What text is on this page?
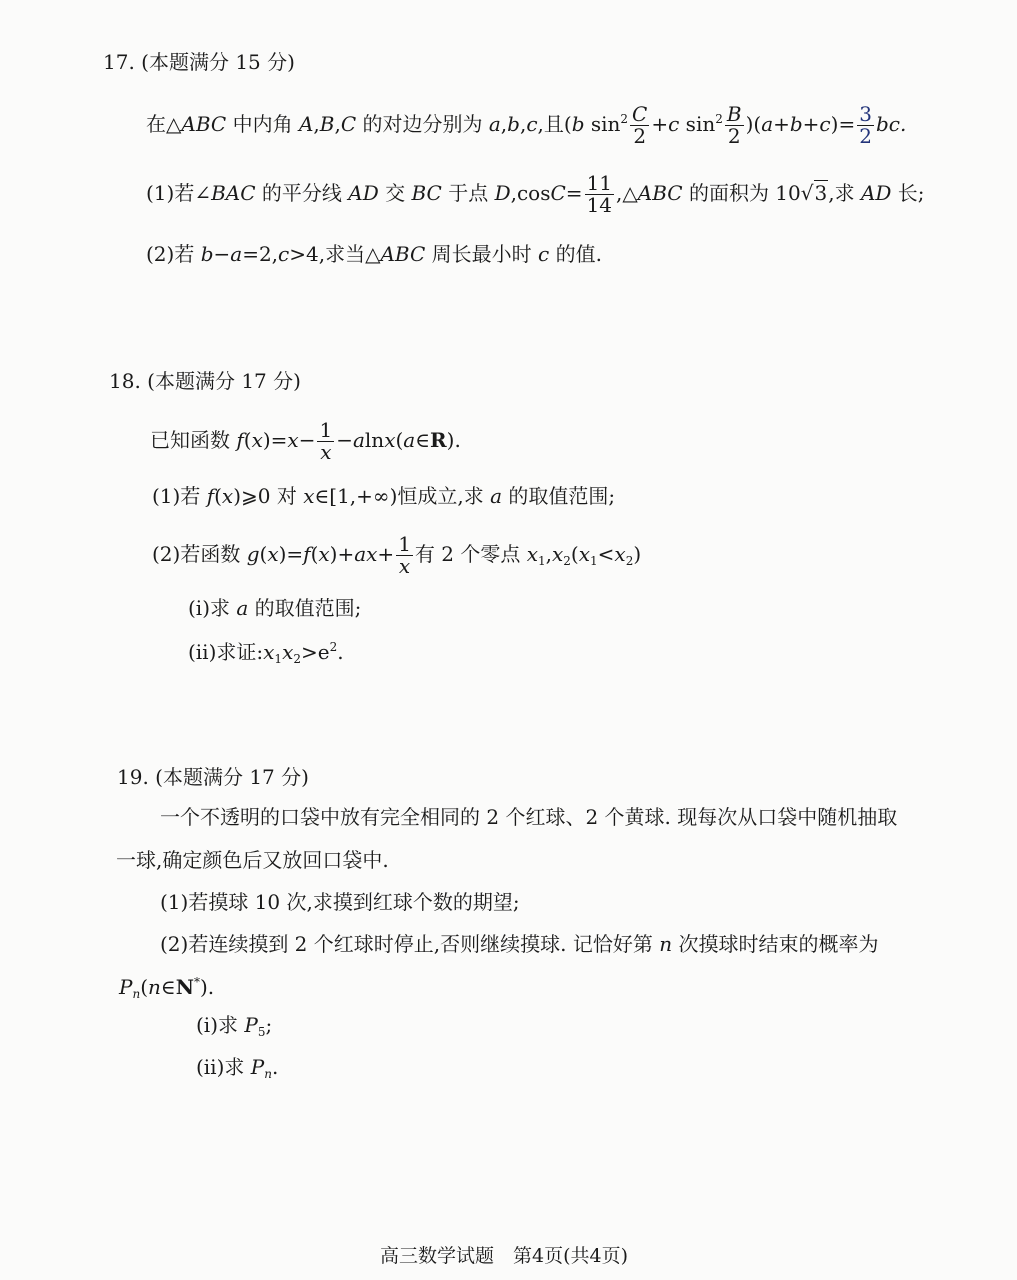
17. (本题满分 15 分)
在△ABC 中内角 A,B,C 的对边分别为 a,b,c,且(b $\sin^2 \frac{C}{2} +c$ $\sin^2 \frac{B}{2} )(a+b+c)= \frac{3}{2}$ bc.
(1)若∠BAC 的平分线 AD 交 BC 于点 $D,\cos C= \frac{11}{14}$ ,△ABC 的面积为 10√3,求 AD 长;
(2)若 b−a=2,c>4,求当△ABC 周长最小时 c 的值.
18. (本题满分 17 分)
已知函数 $f(x)=x- \frac{1}{x}$ −alnx(a∈R).
(1)若 f(x)⩾0 对 x∈[1,+∞)恒成立,求 a 的取值范围;
(2)若函数 $g(x)=f(x)+ax+ \frac{1}{x}$ 有 2 个零点 $x_1,x_2(x_1<x_2)$
(ⅰ)求 a 的取值范围;
(ⅱ)求证$:x_1x_2>e^2$.
19. (本题满分 17 分)
一个不透明的口袋中放有完全相同的 2 个红球、2 个黄球. 现每次从口袋中随机抽取
一球,确定颜色后又放回口袋中.
(1)若摸球 10 次,求摸到红球个数的期望;
(2)若连续摸到 2 个红球时停止,否则继续摸球. 记恰好第 n 次摸球时结束的概率为
$P_n(n\in N^*)$.
(ⅰ)求 $P_5$;
(ⅱ)求 $P_n$.
高三数学试题　第4页(共4页)
